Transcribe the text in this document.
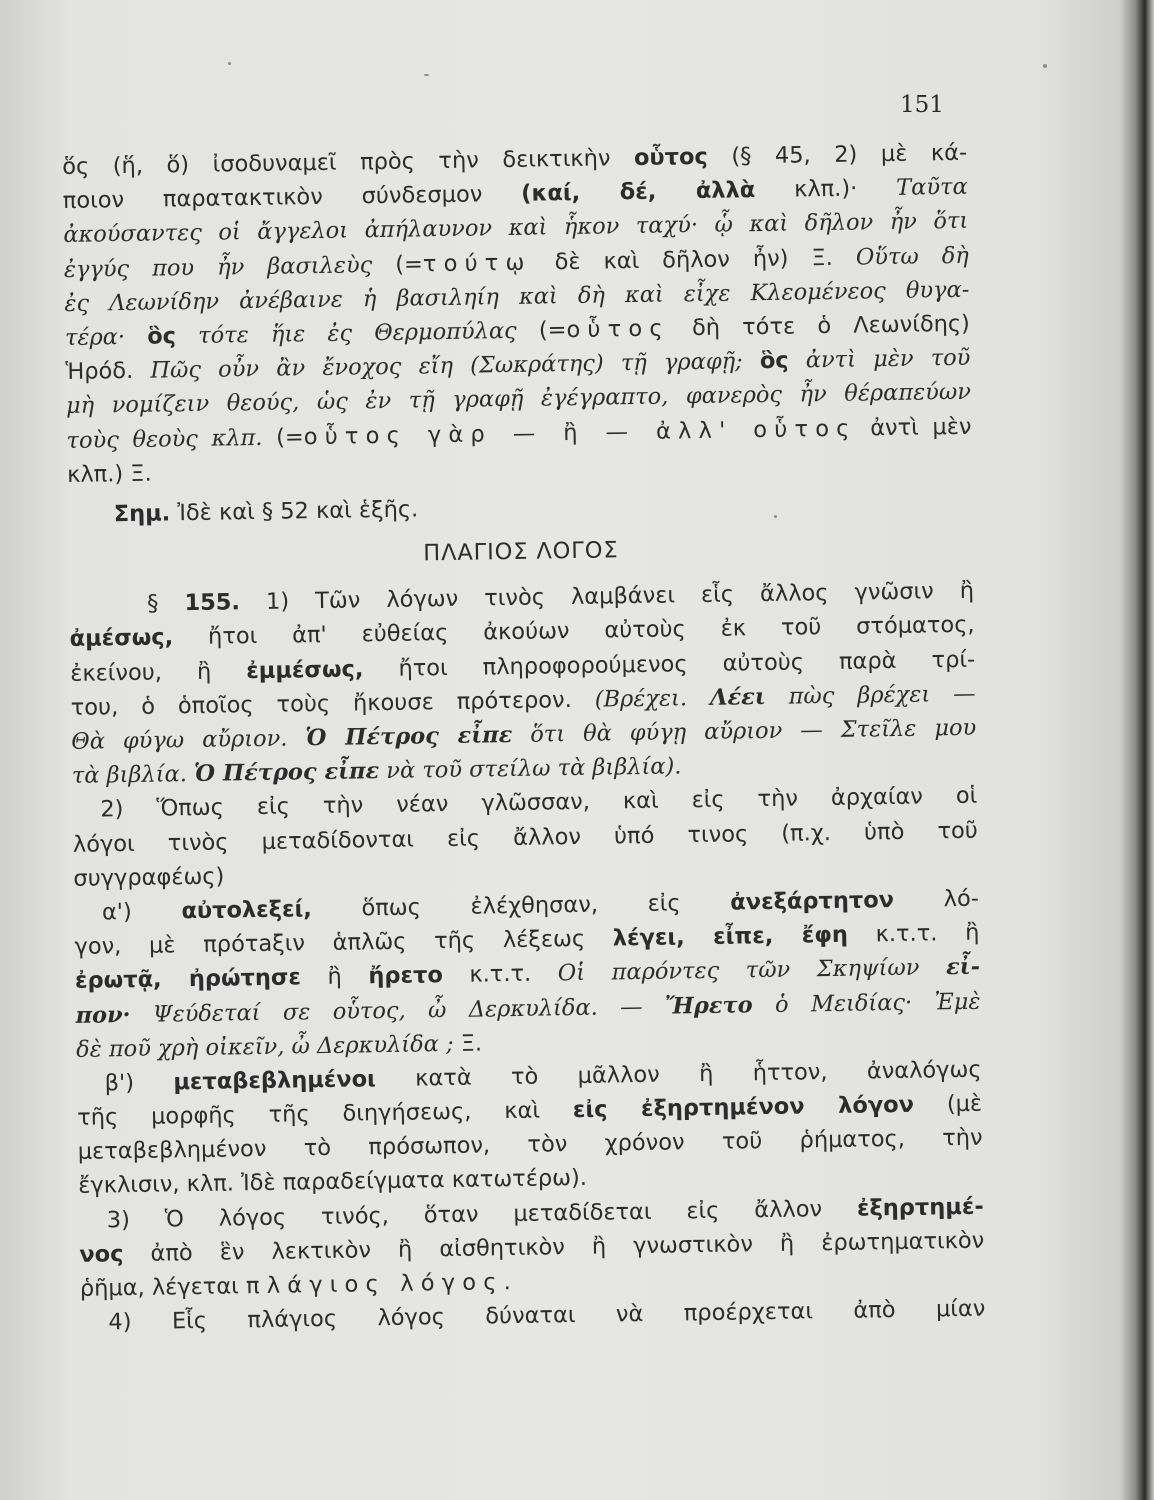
151
ὅς (ἥ, ὅ) ἰσοδυναμεῖ πρὸς τὴν δεικτικὴν οὗτος (§ 45, 2) μὲ κά-
ποιον παρατακτικὸν σύνδεσμον (καί, δέ, ἀλλὰ κλπ.)· Ταῦτα
ἀκούσαντες οἱ ἄγγελοι ἀπήλαυνον καὶ ἧκον ταχύ· ᾧ καὶ δῆλον ἦν ὅτι
ἐγγύς που ἦν βασιλεὺς (=τούτῳ δὲ καὶ δῆλον ἦν) Ξ. Οὕτω δὴ
ἐς Λεωνίδην ἀνέβαινε ἡ βασιληίη καὶ δὴ καὶ εἶχε Κλεομένεος θυγα-
τέρα· ὃς τότε ἥιε ἐς Θερμοπύλας (=οὗτος δὴ τότε ὁ Λεωνίδης)
Ἡρόδ. Πῶς οὖν ἂν ἔνοχος εἴη (Σωκράτης) τῇ γραφῇ; ὃς ἀντὶ μὲν τοῦ
μὴ νομίζειν θεούς, ὡς ἐν τῇ γραφῇ ἐγέγραπτο, φανερὸς ἦν θέραπεύων
τοὺς θεοὺς κλπ. (=οὗτος γὰρ — ἢ — ἀλλ' οὗτος ἀντὶ μὲν
κλπ.) Ξ.
Σημ. Ἰδὲ καὶ § 52 καὶ ἑξῆς.
ΠΛΑΓΙΟΣ ΛΟΓΟΣ
§ 155. 1) Τῶν λόγων τινὸς λαμβάνει εἷς ἄλλος γνῶσιν ἢ
ἀμέσως, ἤτοι ἀπ' εὐθείας ἀκούων αὐτοὺς ἐκ τοῦ στόματος,
ἐκείνου, ἢ ἐμμέσως, ἤτοι πληροφορούμενος αὐτοὺς παρὰ τρί-
του, ὁ ὁποῖος τοὺς ἤκουσε πρότερον. (Βρέχει. Λέει πὼς βρέχει —
Θὰ φύγω αὔριον. Ὁ Πέτρος εἶπε ὅτι θὰ φύγῃ αὔριον — Στεῖλε μου
τὰ βιβλία. Ὁ Πέτρος εἶπε νὰ τοῦ στείλω τὰ βιβλία).
2) Ὅπως εἰς τὴν νέαν γλῶσσαν, καὶ εἰς τὴν ἀρχαίαν οἱ
λόγοι τινὸς μεταδίδονται εἰς ἄλλον ὑπό τινος (π.χ. ὑπὸ τοῦ
συγγραφέως)
α') αὐτολεξεί, ὅπως ἐλέχθησαν, εἰς ἀνεξάρτητον λό-
γον, μὲ πρότaξιν ἁπλῶς τῆς λέξεως λέγει, εἶπε, ἔφη κ.τ.τ. ἢ
ἐρωτᾷ, ἠρώτησε ἢ ἤρετο κ.τ.τ. Οἱ παρόντες τῶν Σκηψίων εἶ-
πον· Ψεύδεταί σε οὗτος, ὦ Δερκυλίδα. — Ἤρετο ὁ Μειδίας· Ἐμὲ
δὲ ποῦ χρὴ οἰκεῖν, ὦ Δερκυλίδα ; Ξ.
β') μεταβεβλημένοι κατὰ τὸ μᾶλλον ἢ ἧττον, ἀναλόγως
τῆς μορφῆς τῆς διηγήσεως, καὶ εἰς ἐξηρτημένον λόγον (μὲ
μεταβεβλημένον τὸ πρόσωπον, τὸν χρόνον τοῦ ῥήματος, τὴν
ἔγκλισιν, κλπ. Ἰδὲ παραδείγματα κατωτέρω).
3) Ὁ λόγος τινός, ὅταν μεταδίδεται εἰς ἄλλον ἐξηρτημέ-
νος ἀπὸ ἓν λεκτικὸν ἢ αἰσθητικὸν ἢ γνωστικὸν ἢ ἐρωτηματικὸν
ῥῆμα, λέγεται πλάγιος λόγος.
4) Εἷς πλάγιος λόγος δύναται νὰ προέρχεται ἀπὸ μίαν
